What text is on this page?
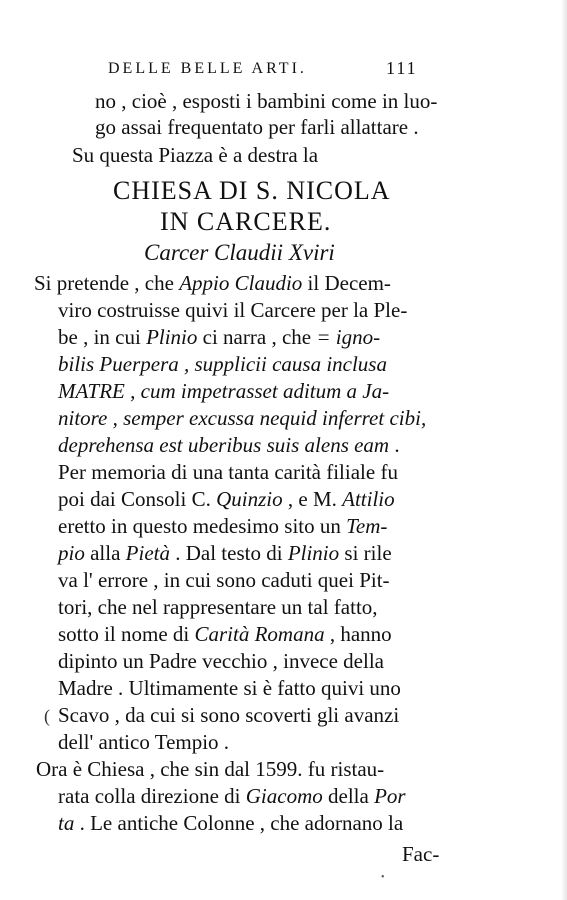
DELLE BELLE ARTI.	111
no , cioè , esposti i bambini come in luo-
go assai frequentato per farli allattare .
Su questa Piazza è a destra la
CHIESA DI S. NICOLA
IN CARCERE.
Carcer Claudii Xviri
Si pretende , che Appio Claudio il Decem-
viro costruisse quivi il Carcere per la Ple-
be , in cui Plinio ci narra , che = igno-
bilis Puerpera , supplicii causa inclusa
MATRE , cum impetrasset aditum a Ja-
nitore , semper excussa nequid inferret cibi,
deprehensa est uberibus suis alens eam .
Per memoria di una tanta carità filiale fu
poi dai Consoli C. Quinzio , e M. Attilio
eretto in questo medesimo sito un Tem-
pio alla Pietà . Dal testo di Plinio si rile
va l' errore , in cui sono caduti quei Pit-
tori, che nel rappresentare un tal fatto,
sotto il nome di Carità Romana , hanno
dipinto un Padre vecchio , invece della
Madre . Ultimamente si è fatto quivi uno
( Scavo , da cui si sono scoverti gli avanzi
dell' antico Tempio .
Ora è Chiesa , che sin dal 1599. fu ristau-
rata colla direzione di Giacomo della Por
ta . Le antiche Colonne , che adornano la
Fac-
•
